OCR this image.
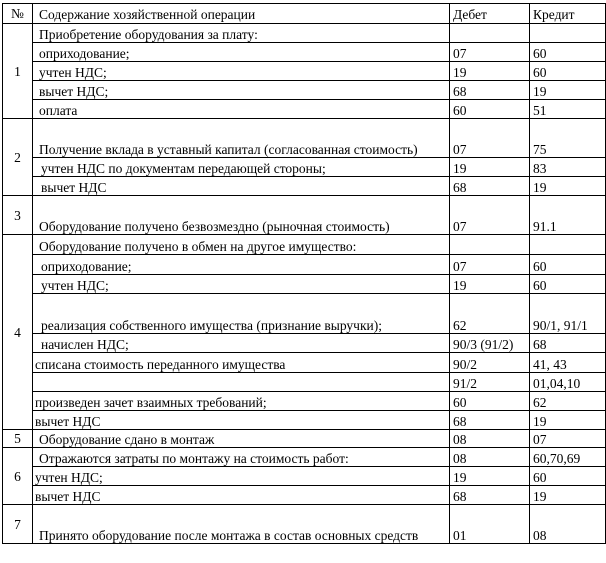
№	Содержание хозяйственной операции	Дебет	Кредит
1	Приобретение оборудования за плату:		
	оприходование;	07	60
	учтен НДС;	19	60
	вычет НДС;	68	19
	оплата	60	51
2	Получение вклада в уставный капитал (согласованная стоимость)	07	75
	учтен НДС по документам передающей стороны;	19	83
	вычет НДС	68	19
3	Оборудование получено безвозмездно (рыночная стоимость)	07	91.1
4	Оборудование получено в обмен на другое имущество:		
	оприходование;	07	60
	учтен НДС;	19	60
	реализация собственного имущества (признание выручки);	62	90/1, 91/1
	начислен НДС;	90/3 (91/2)	68
	списана стоимость переданного имущества	90/2	41, 43
		91/2	01,04,10
	произведен зачет взаимных требований;	60	62
	вычет НДС	68	19
5	Оборудование сдано в монтаж	08	07
6	Отражаются затраты по монтажу на стоимость работ:	08	60,70,69
	учтен НДС;	19	60
	вычет НДС	68	19
7	Принято оборудование после монтажа в состав основных средств	01	08
